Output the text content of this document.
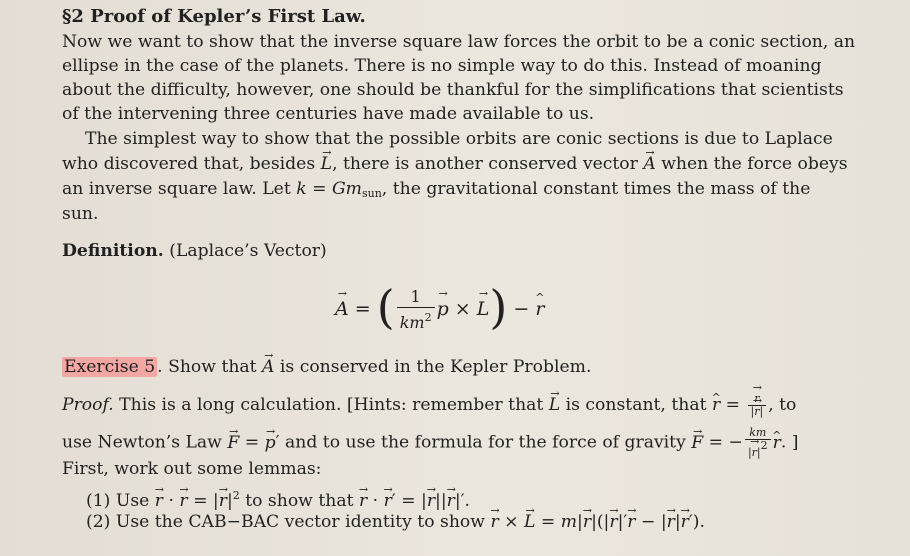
§2 Proof of Kepler’s First Law.
Now we want to show that the inverse square law forces the orbit to be a conic section, an
ellipse in the case of the planets. There is no simple way to do this. Instead of moaning
about the difficulty, however, one should be thankful for the simplifications that scientists
of the intervening three centuries have made available to us.
The simplest way to show that the possible orbits are conic sections is due to Laplace
who discovered that, besides → L, there is another conserved vector → A when the force obeys
an inverse square law. Let $k = Gm_{sun}$, the gravitational constant times the mass of the
sun.
Definition. (Laplace’s Vector)
→ A = ( $\frac{1}{km^2}$
→ p × → L) − ^ r
Exercise 5 . Show that → A is conserved in the Kepler Problem.
Proof. This is a long calculation. [Hints: remember that → L is constant, that ^ r =
→ $\frac{r}{|\to r|}$ , to
use Newton’s Law → F = → p′ and to use the formula for the force of gravity → F = − $\frac{km}{|\to r|2}$
^ r. ]
First, work out some lemmas:
(1) Use → r · → r = |→ $r|^2$ to show that → r · → r′ = |→ r||→ r|′.
(2) Use the CAB−BAC vector identity to show → r × → L = m|→ r|(|→ r|′→ r − |→ r|→ r′).
